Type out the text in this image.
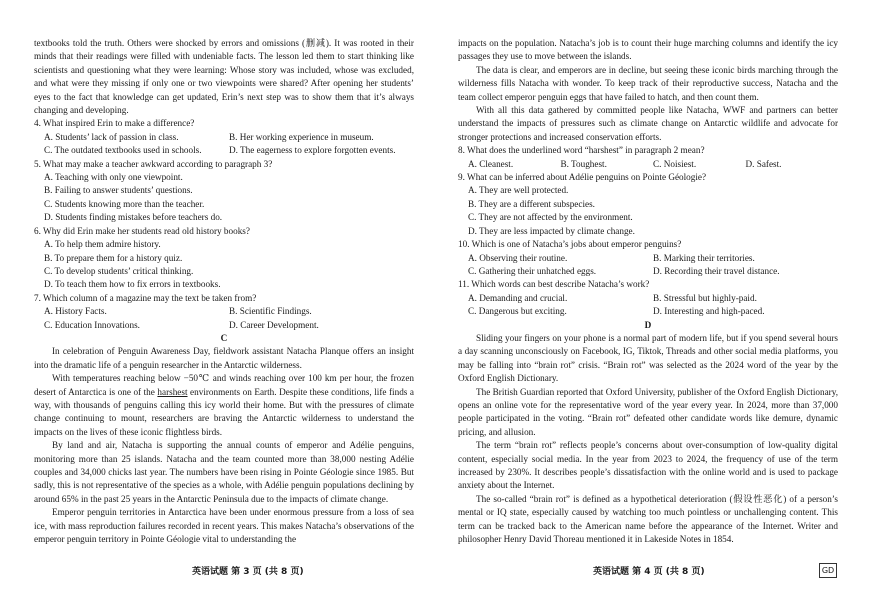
textbooks told the truth. Others were shocked by errors and omissions (删减). It was rooted in their minds that their readings were filled with undeniable facts. The lesson led them to start thinking like scientists and questioning what they were learning: Whose story was included, whose was excluded, and what were they missing if only one or two viewpoints were shared? After opening her students’ eyes to the fact that knowledge can get updated, Erin’s next step was to show them that it’s always changing and developing.

4. What inspired Erin to make a difference?

A. Students’ lack of passion in class.	B. Her working experience in museum.
C. The outdated textbooks used in schools.	D. The eagerness to explore forgotten events.

5. What may make a teacher awkward according to paragraph 3?

A. Teaching with only one viewpoint.
B. Failing to answer students’ questions.
C. Students knowing more than the teacher.
D. Students finding mistakes before teachers do.

6. Why did Erin make her students read old history books?

A. To help them admire history.
B. To prepare them for a history quiz.
C. To develop students’ critical thinking.
D. To teach them how to fix errors in textbooks.

7. Which column of a magazine may the text be taken from?

A. History Facts.	B. Scientific Findings.
C. Education Innovations.	D. Career Development.

C

In celebration of Penguin Awareness Day, fieldwork assistant Natacha Planque offers an insight into the dramatic life of a penguin researcher in the Antarctic wilderness.

With temperatures reaching below −50℃ and winds reaching over 100 km per hour, the frozen desert of Antarctica is one of the harshest environments on Earth. Despite these conditions, life finds a way, with thousands of penguins calling this icy world their home. But with the pressures of climate change continuing to mount, researchers are braving the Antarctic wilderness to understand the impacts on the lives of these iconic flightless birds.

By land and air, Natacha is supporting the annual counts of emperor and Adélie penguins, monitoring more than 25 islands. Natacha and the team counted more than 38,000 nesting Adélie couples and 34,000 chicks last year. The numbers have been rising in Pointe Géologie since 1985. But sadly, this is not representative of the species as a whole, with Adélie penguin populations declining by around 65% in the past 25 years in the Antarctic Peninsula due to the impacts of climate change.

Emperor penguin territories in Antarctica have been under enormous pressure from a loss of sea ice, with mass reproduction failures recorded in recent years. This makes Natacha’s observations of the emperor penguin territory in Pointe Géologie vital to understanding the

impacts on the population. Natacha’s job is to count their huge marching columns and identify the icy passages they use to move between the islands.

The data is clear, and emperors are in decline, but seeing these iconic birds marching through the wilderness fills Natacha with wonder. To keep track of their reproductive success, Natacha and the team collect emperor penguin eggs that have failed to hatch, and then count them.

With all this data gathered by committed people like Natacha, WWF and partners can better understand the impacts of pressures such as climate change on Antarctic wildlife and advocate for stronger protections and increased conservation efforts.

8. What does the underlined word “harshest” in paragraph 2 mean?

A. Cleanest.	B. Toughest.	C. Noisiest.	D. Safest.

9. What can be inferred about Adélie penguins on Pointe Géologie?

A. They are well protected.
B. They are a different subspecies.
C. They are not affected by the environment.
D. They are less impacted by climate change.

10. Which is one of Natacha’s jobs about emperor penguins?

A. Observing their routine.	B. Marking their territories.
C. Gathering their unhatched eggs.	D. Recording their travel distance.

11. Which words can best describe Natacha’s work?

A. Demanding and crucial.	B. Stressful but highly-paid.
C. Dangerous but exciting.	D. Interesting and high-paced.

D

Sliding your fingers on your phone is a normal part of modern life, but if you spend several hours a day scanning unconsciously on Facebook, IG, Tiktok, Threads and other social media platforms, you may be falling into “brain rot” crisis. “Brain rot” was selected as the 2024 word of the year by the Oxford English Dictionary.

The British Guardian reported that Oxford University, publisher of the Oxford English Dictionary, opens an online vote for the representative word of the year every year. In 2024, more than 37,000 people participated in the voting. “Brain rot” defeated other candidate words like demure, dynamic pricing, and allusion.

The term “brain rot” reflects people’s concerns about over-consumption of low-quality digital content, especially social media. In the year from 2023 to 2024, the frequency of use of the term increased by 230%. It describes people’s dissatisfaction with the online world and is used to package anxiety about the Internet.

The so-called “brain rot” is defined as a hypothetical deterioration (假设性恶化) of a person’s mental or IQ state, especially caused by watching too much pointless or unchallenging content. This term can be tracked back to the American name before the appearance of the Internet. Writer and philosopher Henry David Thoreau mentioned it in Lakeside Notes in 1854.

英语试题 第 3 页 (共 8 页)	英语试题 第 4 页 (共 8 页)	GD
